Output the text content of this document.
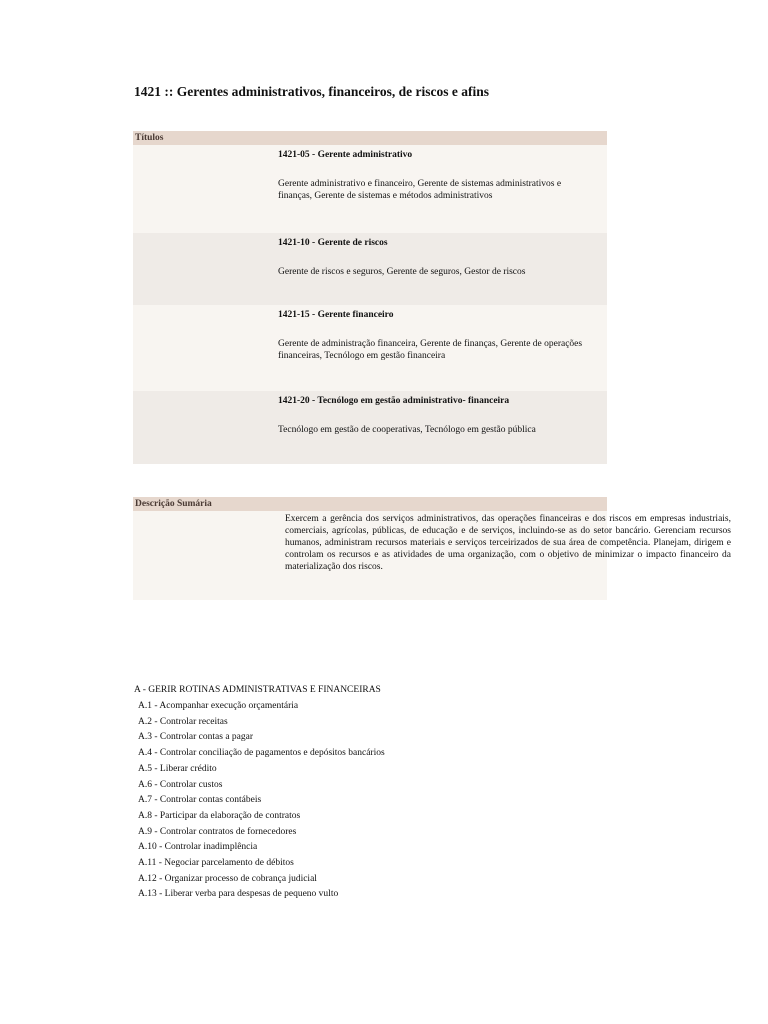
1421 :: Gerentes administrativos, financeiros, de riscos e afins
Títulos
1421-05 - Gerente administrativo
Gerente administrativo e financeiro, Gerente de sistemas administrativos e finanças, Gerente de sistemas e métodos administrativos
1421-10 - Gerente de riscos
Gerente de riscos e seguros, Gerente de seguros, Gestor de riscos
1421-15 - Gerente financeiro
Gerente de administração financeira, Gerente de finanças, Gerente de operações financeiras, Tecnólogo em gestão financeira
1421-20 - Tecnólogo em gestão administrativo- financeira
Tecnólogo em gestão de cooperativas, Tecnólogo em gestão pública
Descrição Sumária
Exercem a gerência dos serviços administrativos, das operações financeiras e dos riscos em empresas industriais, comerciais, agrícolas, públicas, de educação e de serviços, incluindo-se as do setor bancário. Gerenciam recursos humanos, administram recursos materiais e serviços terceirizados de sua área de competência. Planejam, dirigem e controlam os recursos e as atividades de uma organização, com o objetivo de minimizar o impacto financeiro da materialização dos riscos.
A - GERIR ROTINAS ADMINISTRATIVAS E FINANCEIRAS
A.1 - Acompanhar execução orçamentária
A.2 - Controlar receitas
A.3 - Controlar contas a pagar
A.4 - Controlar conciliação de pagamentos e depósitos bancários
A.5 - Liberar crédito
A.6 - Controlar custos
A.7 - Controlar contas contábeis
A.8 - Participar da elaboração de contratos
A.9 - Controlar contratos de fornecedores
A.10 - Controlar inadimplência
A.11 - Negociar parcelamento de débitos
A.12 - Organizar processo de cobrança judicial
A.13 - Liberar verba para despesas de pequeno vulto
